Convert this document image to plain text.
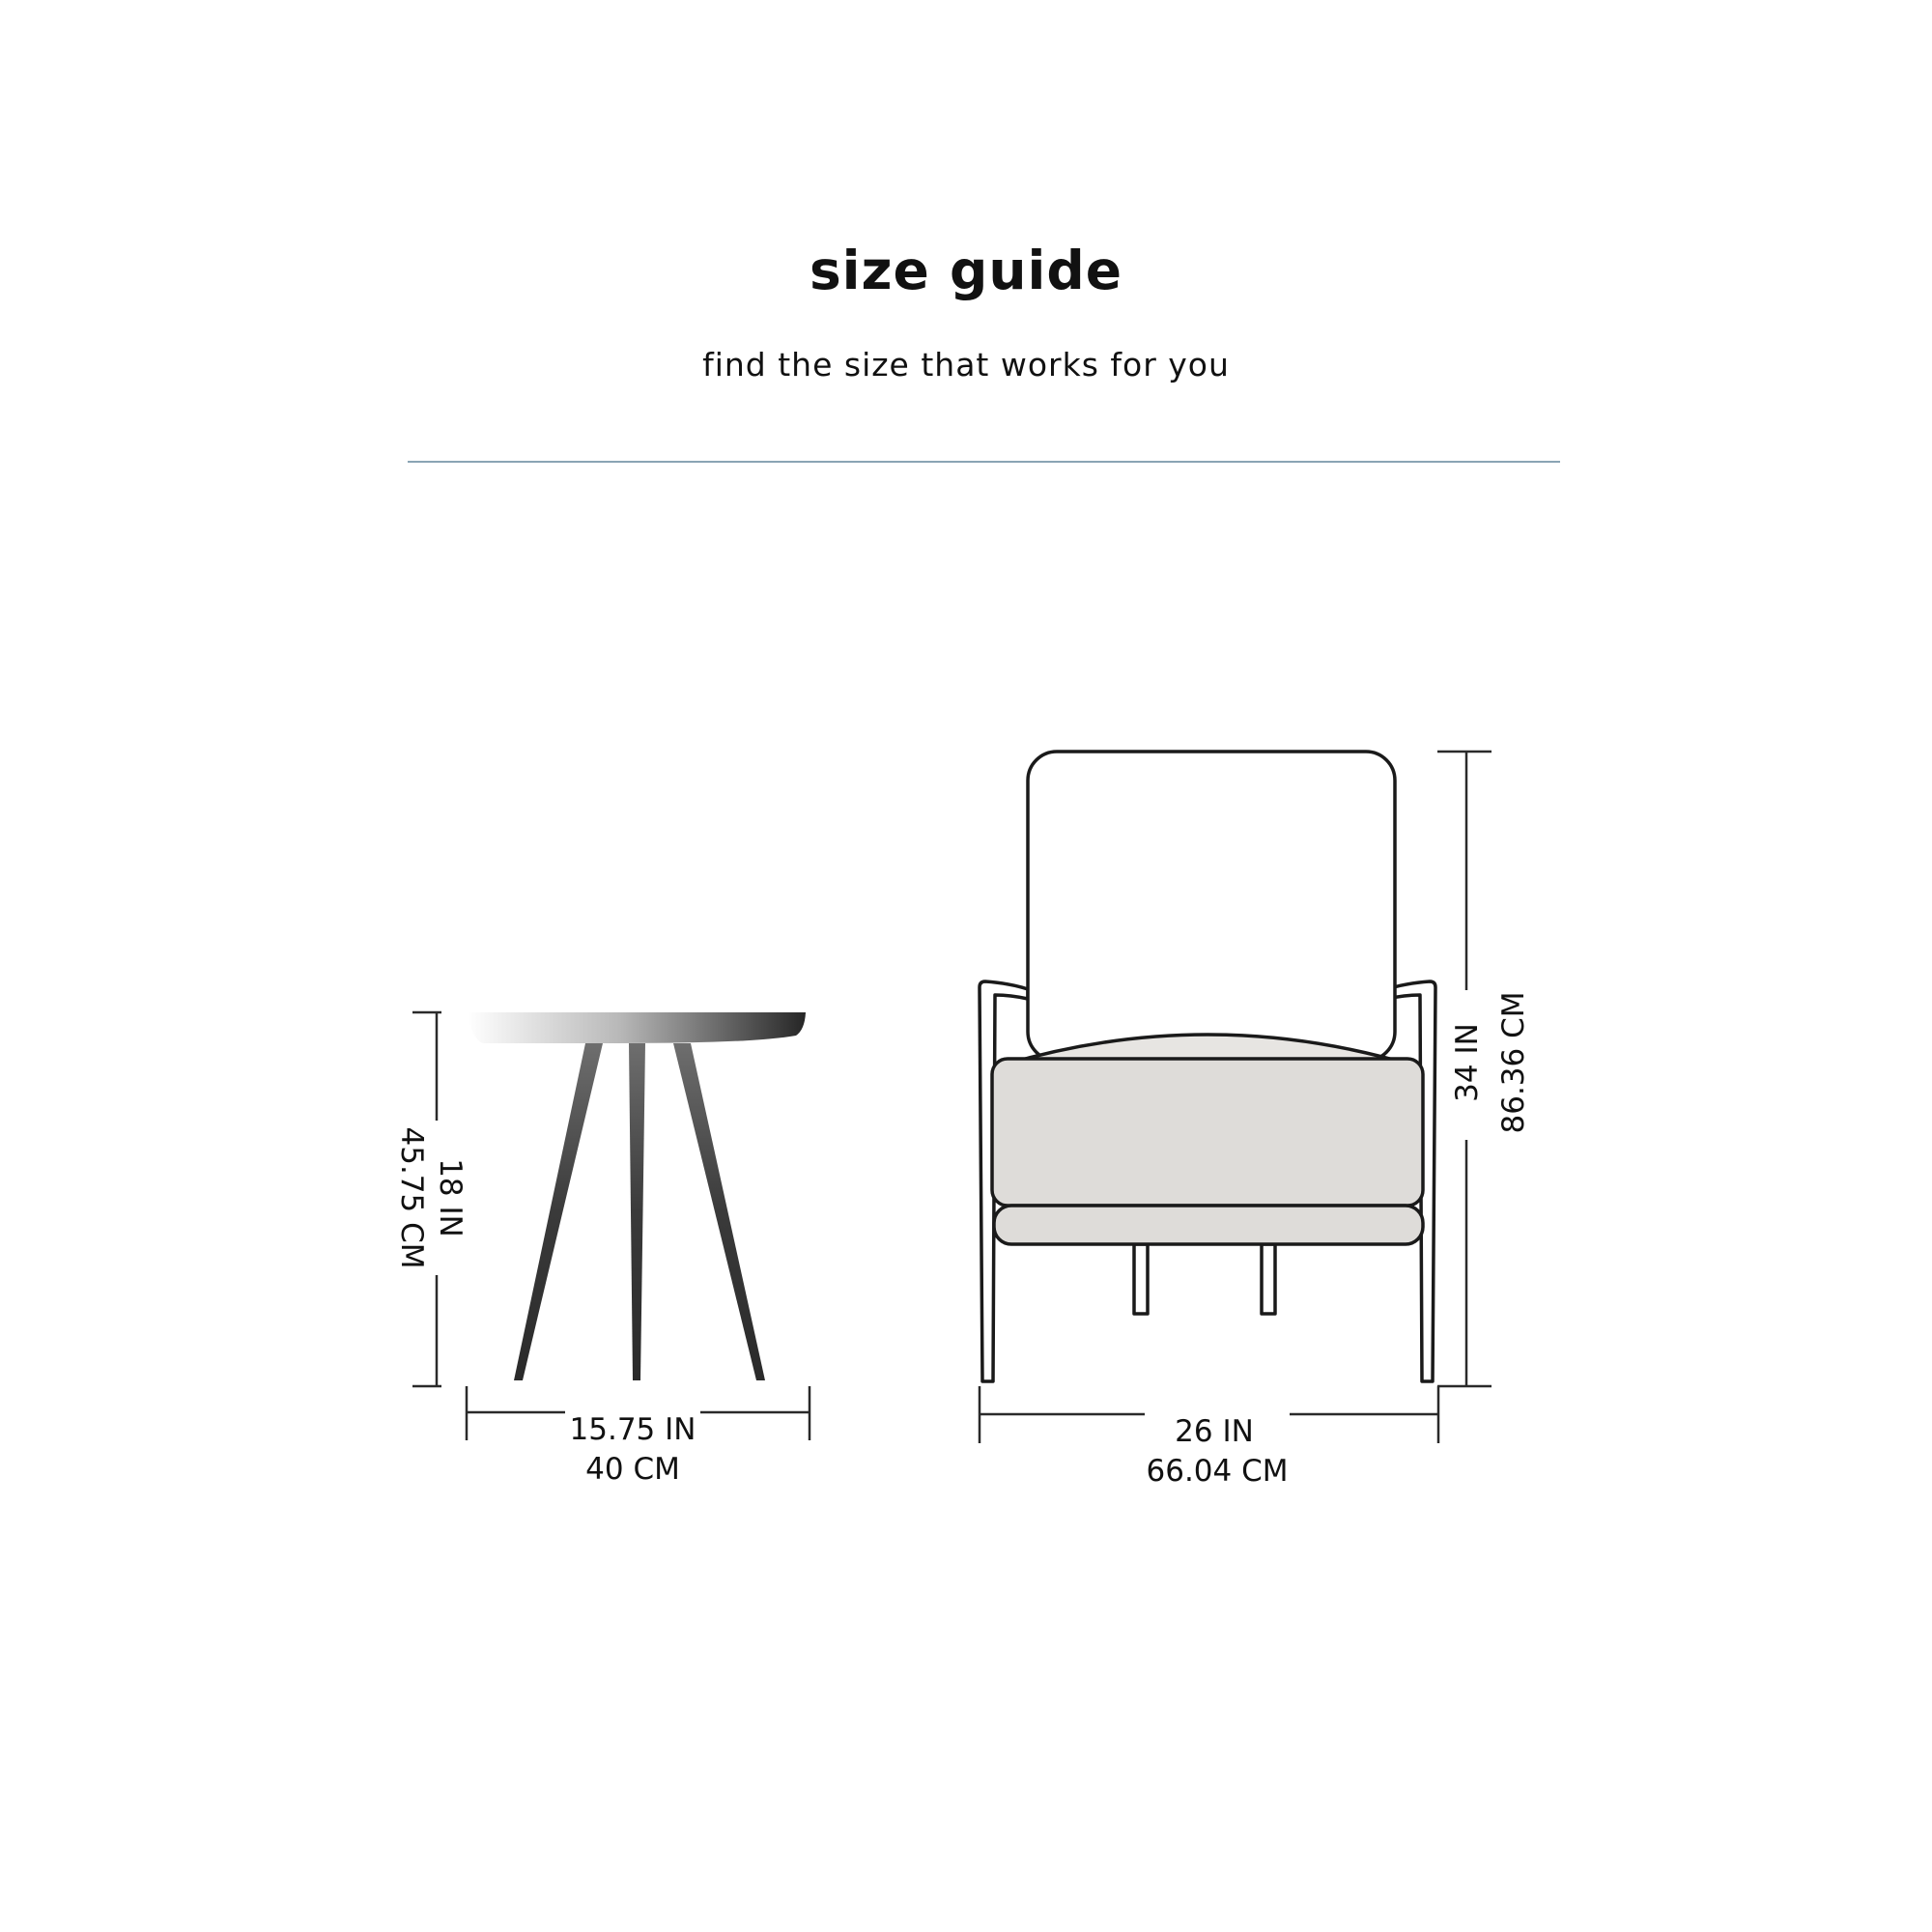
size guide
find the size that works for you
18 IN
45.75 CM
15.75 IN
40 CM
34 IN 86.36 CM
26 IN
66.04 CM
